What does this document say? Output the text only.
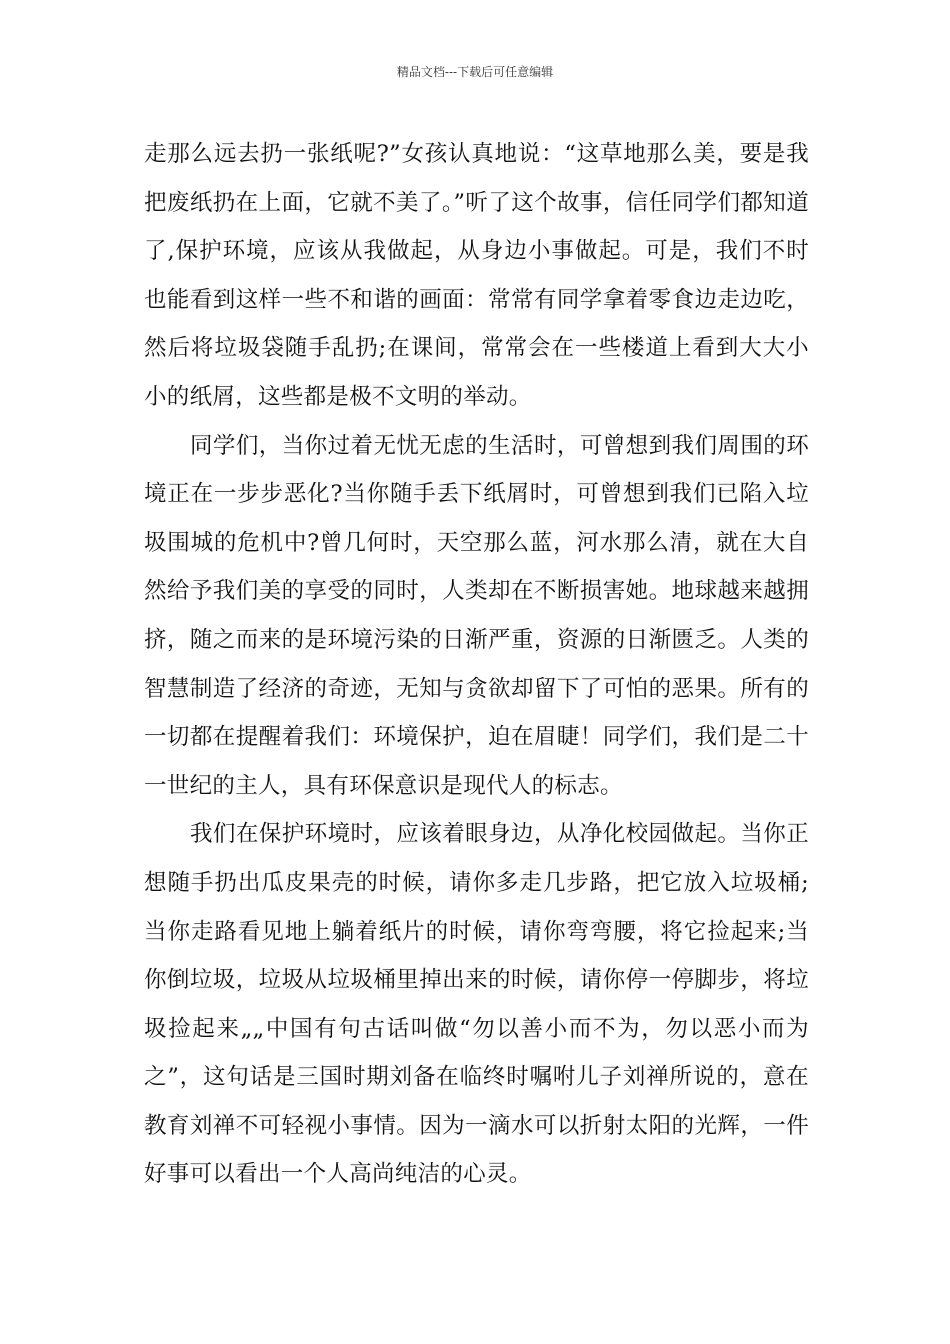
精品文档---下载后可任意编辑

走那么远去扔一张纸呢?”女孩认真地说：“这草地那么美，要是我把废纸扔在上面，它就不美了。”听了这个故事，信任同学们都知道了,保护环境，应该从我做起，从身边小事做起。可是，我们不时也能看到这样一些不和谐的画面：常常有同学拿着零食边走边吃，然后将垃圾袋随手乱扔;在课间，常常会在一些楼道上看到大大小小的纸屑，这些都是极不文明的举动。

同学们，当你过着无忧无虑的生活时，可曾想到我们周围的环境正在一步步恶化?当你随手丢下纸屑时，可曾想到我们已陷入垃圾围城的危机中?曾几何时，天空那么蓝，河水那么清，就在大自然给予我们美的享受的同时，人类却在不断损害她。地球越来越拥挤，随之而来的是环境污染的日渐严重，资源的日渐匮乏。人类的智慧制造了经济的奇迹，无知与贪欲却留下了可怕的恶果。所有的一切都在提醒着我们：环境保护，迫在眉睫！同学们，我们是二十一世纪的主人，具有环保意识是现代人的标志。

我们在保护环境时，应该着眼身边，从净化校园做起。当你正想随手扔出瓜皮果壳的时候，请你多走几步路，把它放入垃圾桶;当你走路看见地上躺着纸片的时候，请你弯弯腰，将它捡起来;当你倒垃圾，垃圾从垃圾桶里掉出来的时候，请你停一停脚步，将垃圾捡起来„„中国有句古话叫做“勿以善小而不为，勿以恶小而为之”，这句话是三国时期刘备在临终时嘱咐儿子刘禅所说的，意在教育刘禅不可轻视小事情。因为一滴水可以折射太阳的光辉，一件好事可以看出一个人高尚纯洁的心灵。
